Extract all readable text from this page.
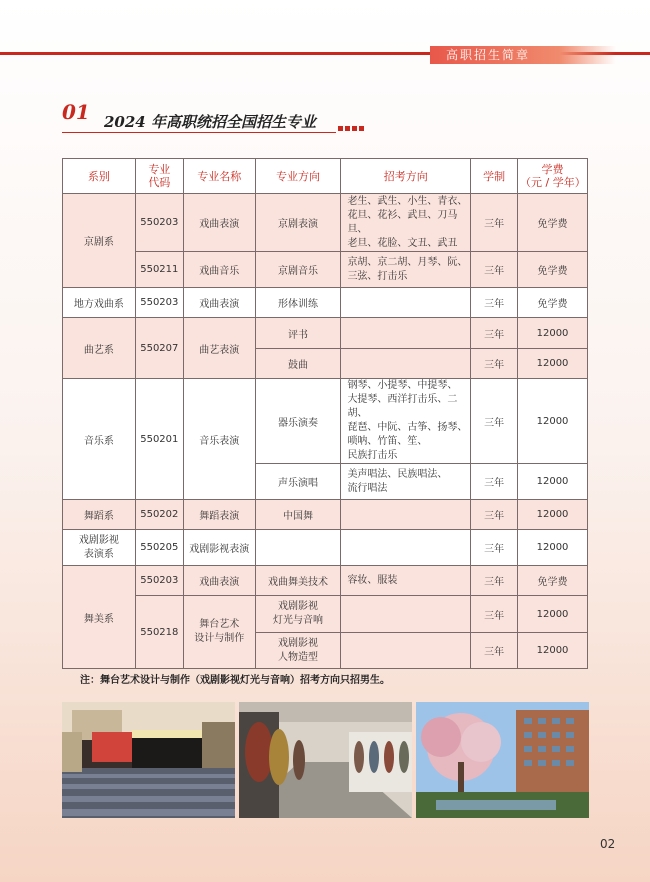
高职招生简章
01 2024 年高职统招全国招生专业
系别	专业
代码	专业名称	专业方向	招考方向	学制	学费
（元 / 学年）
京剧系	550203	戏曲表演	京剧表演	老生、武生、小生、青衣、
花旦、花衫、武旦、刀马旦、
老旦、花脸、文丑、武丑	三年	免学费
	550211	戏曲音乐	京剧音乐	京胡、京二胡、月琴、阮、
三弦、打击乐	三年	免学费
地方戏曲系	550203	戏曲表演	形体训练		三年	免学费
曲艺系	550207	曲艺表演	评书		三年	12000
			鼓曲		三年	12000
音乐系	550201	音乐表演	器乐演奏	钢琴、小提琴、中提琴、
大提琴、西洋打击乐、二胡、
琵琶、中阮、古筝、扬琴、
唢呐、竹笛、笙、
民族打击乐	三年	12000
			声乐演唱	美声唱法、民族唱法、
流行唱法	三年	12000
舞蹈系	550202	舞蹈表演	中国舞		三年	12000
戏剧影视
表演系	550205	戏剧影视表演			三年	12000
舞美系	550203	戏曲表演	戏曲舞美技术	容妆、服装	三年	免学费
	550218	舞台艺术
设计与制作	戏剧影视
灯光与音响		三年	12000
			戏剧影视
人物造型		三年	12000
注：舞台艺术设计与制作（戏剧影视灯光与音响）招考方向只招男生。
02
